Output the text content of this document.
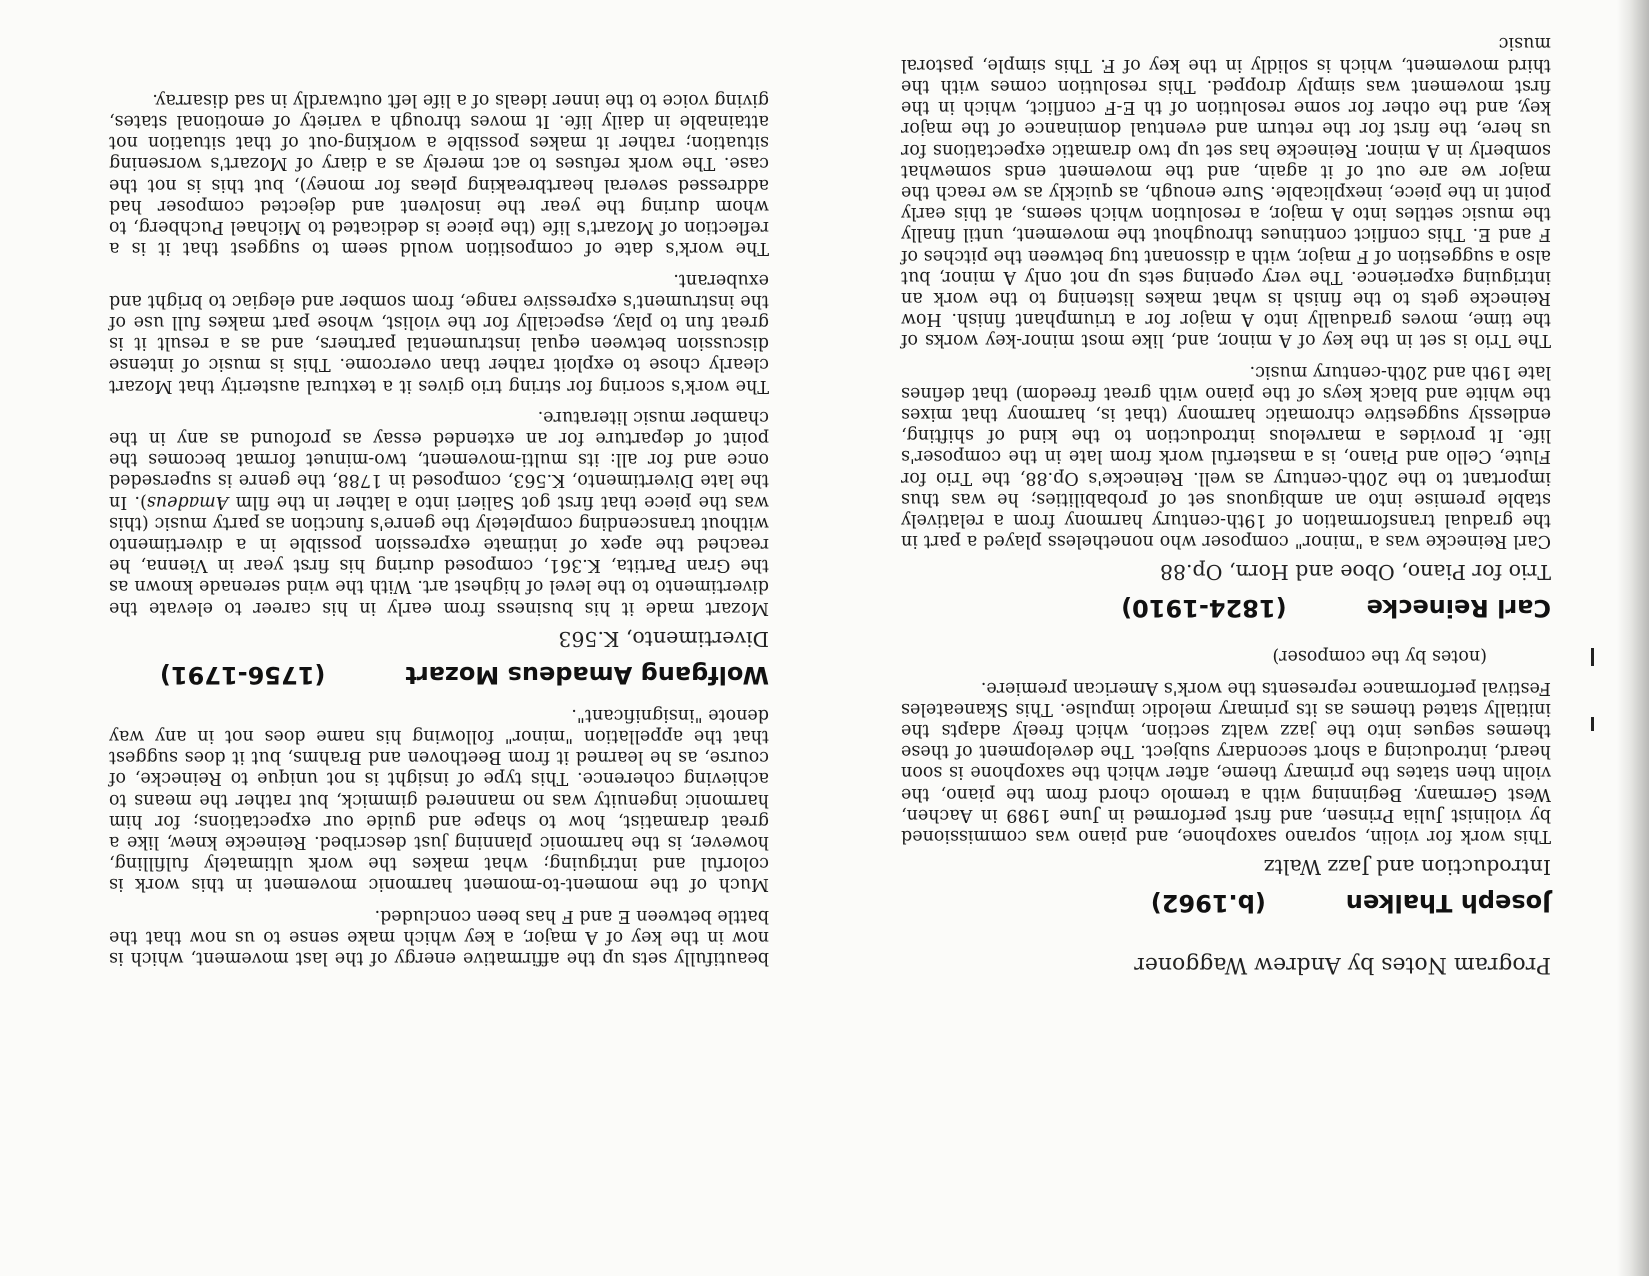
Program Notes by Andrew Waggoner
Joseph Thalken
(b.1962)
Introduction and Jazz Waltz

This work for violin, soprano saxophone, and piano was commissioned by violinist Julia Prinsen, and first performed in June 1989 in Aachen, West Germany. Beginning with a tremolo chord from the piano, the violin then states the primary theme, after which the saxophone is soon heard, introducing a short secondary subject. The development of these themes segues into the jazz waltz section, which freely adapts the initially stated themes as its primary melodic impulse. This Skaneateles Festival performance represents the work's American premiere.

(notes by the composer)
Carl Reinecke
(1824-1910)
Trio for Piano, Oboe and Horn, Op.88

Carl Reinecke was a "minor" composer who nonetheless played a part in the gradual transformation of 19th-century harmony from a relatively stable premise into an ambiguous set of probabilities; he was thus important to the 20th-century as well. Reinecke's Op.88, the Trio for Flute, Cello and Piano, is a masterful work from late in the composer's life. It provides a marvelous introduction to the kind of shifting, endlessly suggestive chromatic harmony (that is, harmony that mixes the white and black keys of the piano with great freedom) that defines late 19th and 20th-century music.

The Trio is set in the key of A minor, and, like most minor-key works of the time, moves gradually into A major for a triumphant finish. How Reinecke gets to the finish is what makes listening to the work an intriguing experience. The very opening sets up not only A minor, but also a suggestion of F major, with a dissonant tug between the pitches of F and E. This conflict continues throughout the movement, until finally the music settles into A major, a resolution which seems, at this early point in the piece, inexplicable. Sure enough, as quickly as we reach the major we are out of it again, and the movement ends somewhat somberly in A minor. Reinecke has set up two dramatic expectations for us here, the first for the return and eventual dominance of the major key, and the other for some resolution of th E-F conflict, which in the first movement was simply dropped. This resolution comes with the third movement, which is solidly in the key of F. This simple, pastoral music

beautifully sets up the affirmative energy of the last movement, which is now in the key of A major, a key which make sense to us now that the battle between E and F has been concluded.

Much of the moment-to-moment harmonic movement in this work is colorful and intriguing; what makes the work ultimately fulfilling, however, is the harmonic planning just described. Reinecke knew, like a great dramatist, how to shape and guide our expectations; for him harmonic ingenuity was no mannered gimmick, but rather the means to achieving coherence. This type of insight is not unique to Reinecke, of course, as he learned it from Beethoven and Brahms, but it does suggest that the appellation "minor" following his name does not in any way denote "insignificant".

Wolfgang Amadeus Mozart
(1756-1791)
Divertimento, K.563

Mozart made it his business from early in his career to elevate the divertimento to the level of highest art. With the wind serenade known as the Gran Partita, K.361, composed during his first year in Vienna, he reached the apex of intimate expression possible in a divertimento without transcending completely the genre's function as party music (this was the piece that first got Salieri into a lather in the film Amadeus). In the late Divertimento, K.563, composed in 1788, the genre is superseded once and for all: its multi-movement, two-minuet format becomes the point of departure for an extended essay as profound as any in the chamber music literature.

The work's scoring for string trio gives it a textural austerity that Mozart clearly chose to exploit rather than overcome. This is music of intense discussion between equal instrumental partners, and as a result it is great fun to play, especially for the violist, whose part makes full use of the instrument's expressive range, from somber and elegiac to bright and exuberant.

The work's date of composition would seem to suggest that it is a reflection of Mozart's life (the piece is dedicated to Michael Puchberg, to whom during the year the insolvent and dejected composer had addressed several heartbreaking pleas for money), but this is not the case. The work refuses to act merely as a diary of Mozart's worsening situation; rather it makes possible a working-out of that situation not attainable in daily life. It moves through a variety of emotional states, giving voice to the inner ideals of a life left outwardly in sad disarray.
